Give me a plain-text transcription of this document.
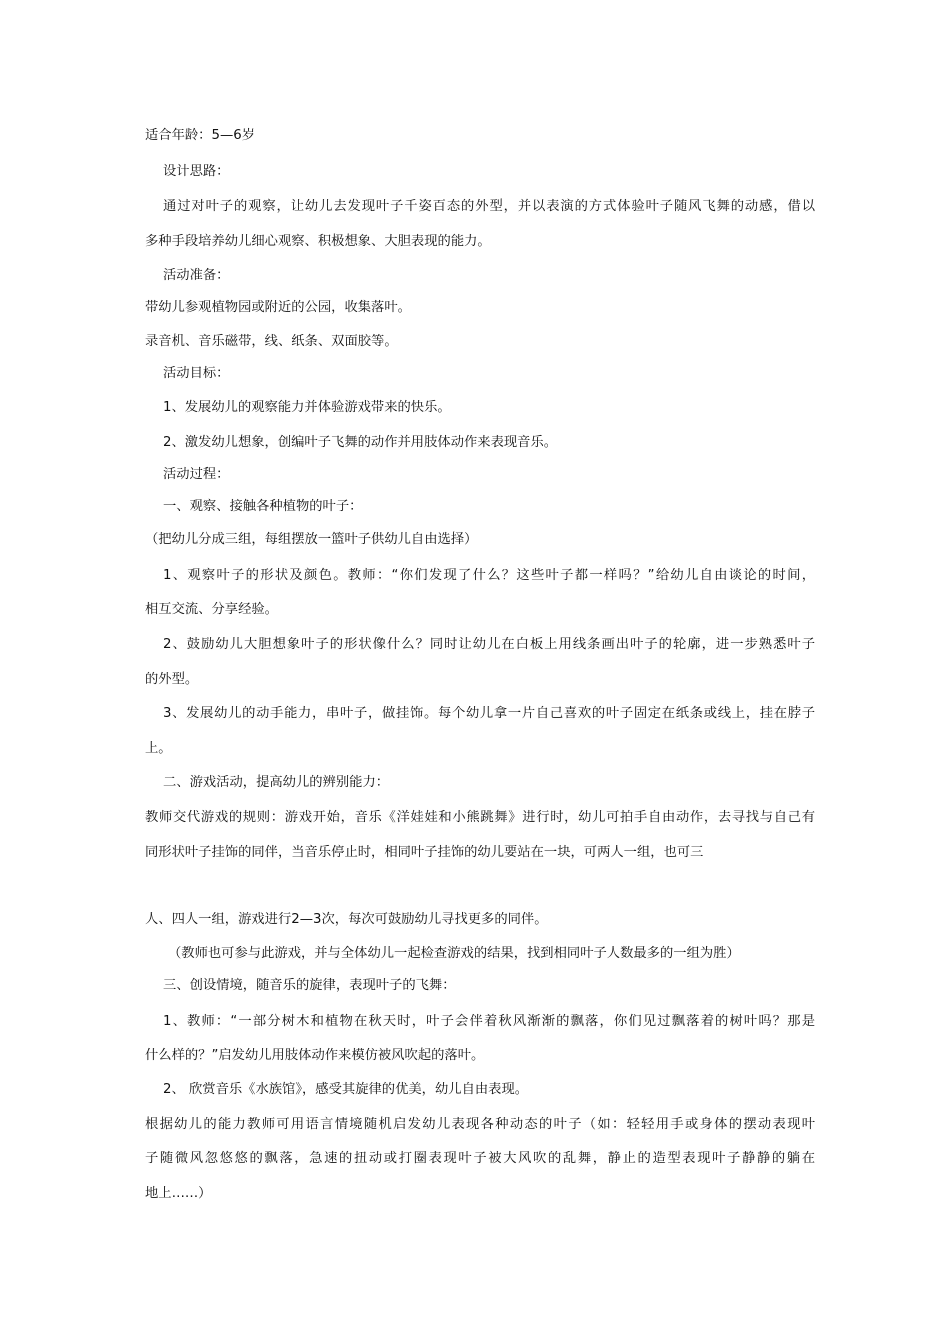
适合年龄：5—6岁
设计思路：
通过对叶子的观察，让幼儿去发现叶子千姿百态的外型，并以表演的方式体验叶子随风飞舞的动感，借以
多种手段培养幼儿细心观察、积极想象、大胆表现的能力。
活动准备：
带幼儿参观植物园或附近的公园，收集落叶。
录音机、音乐磁带，线、纸条、双面胶等。
活动目标：
1、发展幼儿的观察能力并体验游戏带来的快乐。
2、激发幼儿想象，创编叶子飞舞的动作并用肢体动作来表现音乐。
活动过程：
一、观察、接触各种植物的叶子：
（把幼儿分成三组，每组摆放一篮叶子供幼儿自由选择）
1、观察叶子的形状及颜色。教师：“你们发现了什么？这些叶子都一样吗？”给幼儿自由谈论的时间，
相互交流、分享经验。
2、鼓励幼儿大胆想象叶子的形状像什么？同时让幼儿在白板上用线条画出叶子的轮廓，进一步熟悉叶子
的外型。
3、发展幼儿的动手能力，串叶子，做挂饰。每个幼儿拿一片自己喜欢的叶子固定在纸条或线上，挂在脖子
上。
二、游戏活动，提高幼儿的辨别能力：
教师交代游戏的规则：游戏开始，音乐《洋娃娃和小熊跳舞》进行时，幼儿可拍手自由动作，去寻找与自己有
同形状叶子挂饰的同伴，当音乐停止时，相同叶子挂饰的幼儿要站在一块，可两人一组，也可三
人、四人一组，游戏进行2—3次，每次可鼓励幼儿寻找更多的同伴。
（教师也可参与此游戏，并与全体幼儿一起检查游戏的结果，找到相同叶子人数最多的一组为胜）
三、创设情境，随音乐的旋律，表现叶子的飞舞：
1、教师：“一部分树木和植物在秋天时，叶子会伴着秋风渐渐的飘落，你们见过飘落着的树叶吗？那是
什么样的？”启发幼儿用肢体动作来模仿被风吹起的落叶。
2、 欣赏音乐《水族馆》，感受其旋律的优美，幼儿自由表现。
根据幼儿的能力教师可用语言情境随机启发幼儿表现各种动态的叶子（如：轻轻用手或身体的摆动表现叶
子随微风忽悠悠的飘落，急速的扭动或打圈表现叶子被大风吹的乱舞，静止的造型表现叶子静静的躺在
地上……）
